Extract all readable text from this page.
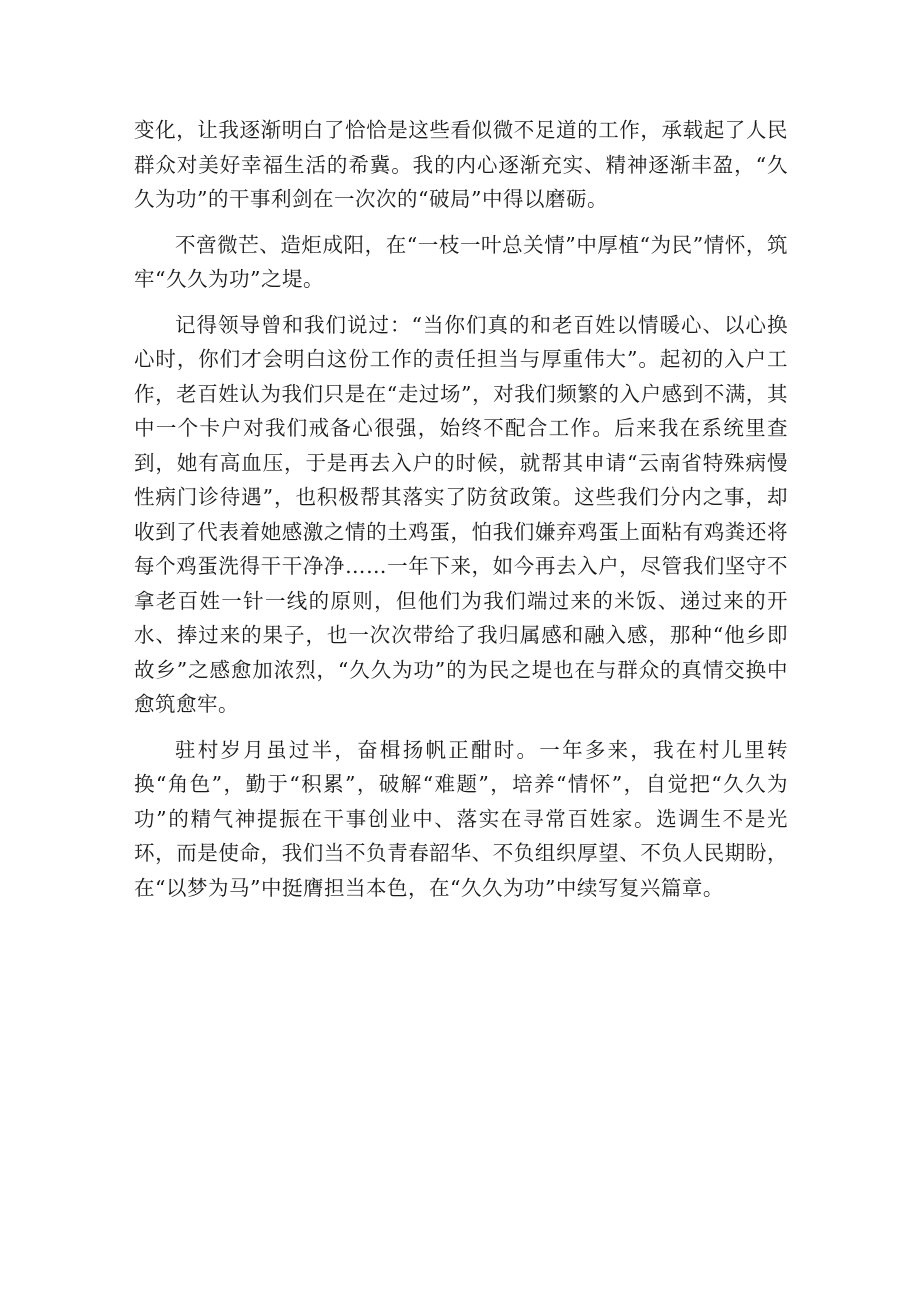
变化，让我逐渐明白了恰恰是这些看似微不足道的工作，承载起了人民群众对美好幸福生活的希冀。我的内心逐渐充实、精神逐渐丰盈，“久久为功”的干事利剑在一次次的“破局”中得以磨砺。

不啻微芒、造炬成阳，在“一枝一叶总关情”中厚植“为民”情怀，筑牢“久久为功”之堤。

记得领导曾和我们说过：“当你们真的和老百姓以情暖心、以心换心时，你们才会明白这份工作的责任担当与厚重伟大”。起初的入户工作，老百姓认为我们只是在“走过场”，对我们频繁的入户感到不满，其中一个卡户对我们戒备心很强，始终不配合工作。后来我在系统里查到，她有高血压，于是再去入户的时候，就帮其申请“云南省特殊病慢性病门诊待遇”，也积极帮其落实了防贫政策。这些我们分内之事，却收到了代表着她感激之情的土鸡蛋，怕我们嫌弃鸡蛋上面粘有鸡粪还将每个鸡蛋洗得干干净净……一年下来，如今再去入户，尽管我们坚守不拿老百姓一针一线的原则，但他们为我们端过来的米饭、递过来的开水、捧过来的果子，也一次次带给了我归属感和融入感，那种“他乡即故乡”之感愈加浓烈，“久久为功”的为民之堤也在与群众的真情交换中愈筑愈牢。

驻村岁月虽过半，奋楫扬帆正酣时。一年多来，我在村儿里转换“角色”，勤于“积累”，破解“难题”，培养“情怀”，自觉把“久久为功”的精气神提振在干事创业中、落实在寻常百姓家。选调生不是光环，而是使命，我们当不负青春韶华、不负组织厚望、不负人民期盼，在“以梦为马”中挺膺担当本色，在“久久为功”中续写复兴篇章。
